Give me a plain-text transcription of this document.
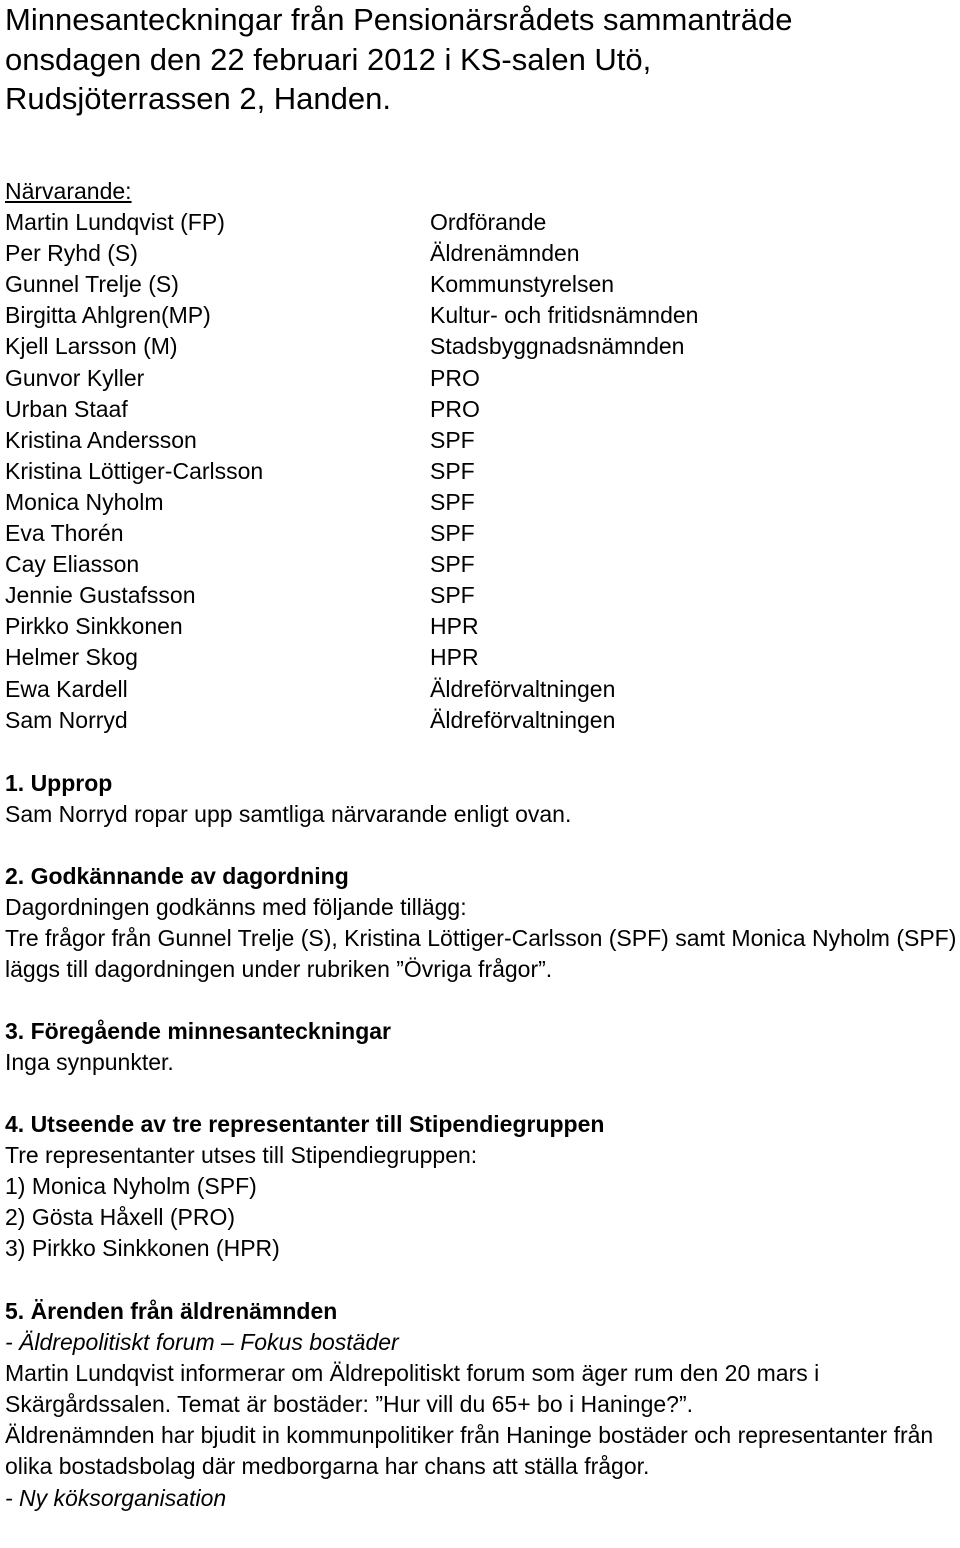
Minnesanteckningar från Pensionärsrådets sammanträde
onsdagen den 22 februari 2012 i KS-salen Utö,
Rudsjöterrassen 2, Handen.
Närvarande:
Martin Lundqvist (FP)	Ordförande
Per Ryhd (S)	Äldrenämnden
Gunnel Trelje (S)	Kommunstyrelsen
Birgitta Ahlgren(MP)	Kultur- och fritidsnämnden
Kjell Larsson (M)	Stadsbyggnadsnämnden
Gunvor Kyller	PRO
Urban Staaf	PRO
Kristina Andersson	SPF
Kristina Löttiger-Carlsson	SPF
Monica Nyholm	SPF
Eva Thorén	SPF
Cay Eliasson	SPF
Jennie Gustafsson	SPF
Pirkko Sinkkonen	HPR
Helmer Skog	HPR
Ewa Kardell	Äldreförvaltningen
Sam Norryd	Äldreförvaltningen
1. Upprop
Sam Norryd ropar upp samtliga närvarande enligt ovan.
2. Godkännande av dagordning
Dagordningen godkänns med följande tillägg:
Tre frågor från Gunnel Trelje (S), Kristina Löttiger-Carlsson (SPF) samt Monica Nyholm (SPF) läggs till dagordningen under rubriken ”Övriga frågor”.
3. Föregående minnesanteckningar
Inga synpunkter.
4. Utseende av tre representanter till Stipendiegruppen
Tre representanter utses till Stipendiegruppen:
1) Monica Nyholm (SPF)
2) Gösta Håxell (PRO)
3) Pirkko Sinkkonen (HPR)
5. Ärenden från äldrenämnden
- Äldrepolitiskt forum – Fokus bostäder
Martin Lundqvist informerar om Äldrepolitiskt forum som äger rum den 20 mars i Skärgårdssalen. Temat är bostäder: ”Hur vill du 65+ bo i Haninge?”.
Äldrenämnden har bjudit in kommunpolitiker från Haninge bostäder och representanter från olika bostadsbolag där medborgarna har chans att ställa frågor.
- Ny köksorganisation
